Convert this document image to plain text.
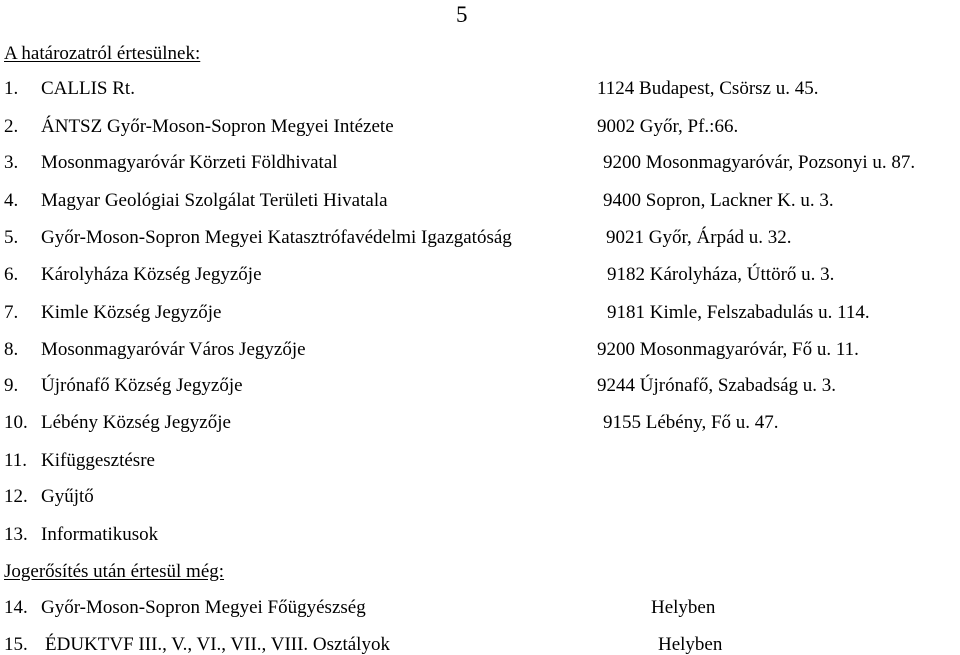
5
A határozatról értesülnek:
1. CALLIS Rt.	1124 Budapest, Csörsz u. 45.
2. ÁNTSZ Győr-Moson-Sopron Megyei Intézete	9002 Győr, Pf.:66.
3. Mosonmagyaróvár Körzeti Földhivatal	9200 Mosonmagyaróvár, Pozsonyi u. 87.
4. Magyar Geológiai Szolgálat Területi Hivatala	9400 Sopron, Lackner K. u. 3.
5. Győr-Moson-Sopron Megyei Katasztrófavédelmi Igazgatóság	9021 Győr, Árpád u. 32.
6. Károlyháza Község Jegyzője	9182 Károlyháza, Úttörő u. 3.
7. Kimle Község Jegyzője	9181 Kimle, Felszabadulás u. 114.
8. Mosonmagyaróvár Város Jegyzője	9200 Mosonmagyaróvár, Fő u. 11.
9. Újrónafő Község Jegyzője	9244 Újrónafő, Szabadság u. 3.
10. Lébény Község Jegyzője	9155 Lébény, Fő u. 47.
11. Kifüggesztésre
12. Gyűjtő
13. Informatikusok
Jogerősítés után értesül még:
14. Győr-Moson-Sopron Megyei Főügyészség	Helyben
15. ÉDUKTVF III., V., VI., VII., VIII. Osztályok	Helyben
